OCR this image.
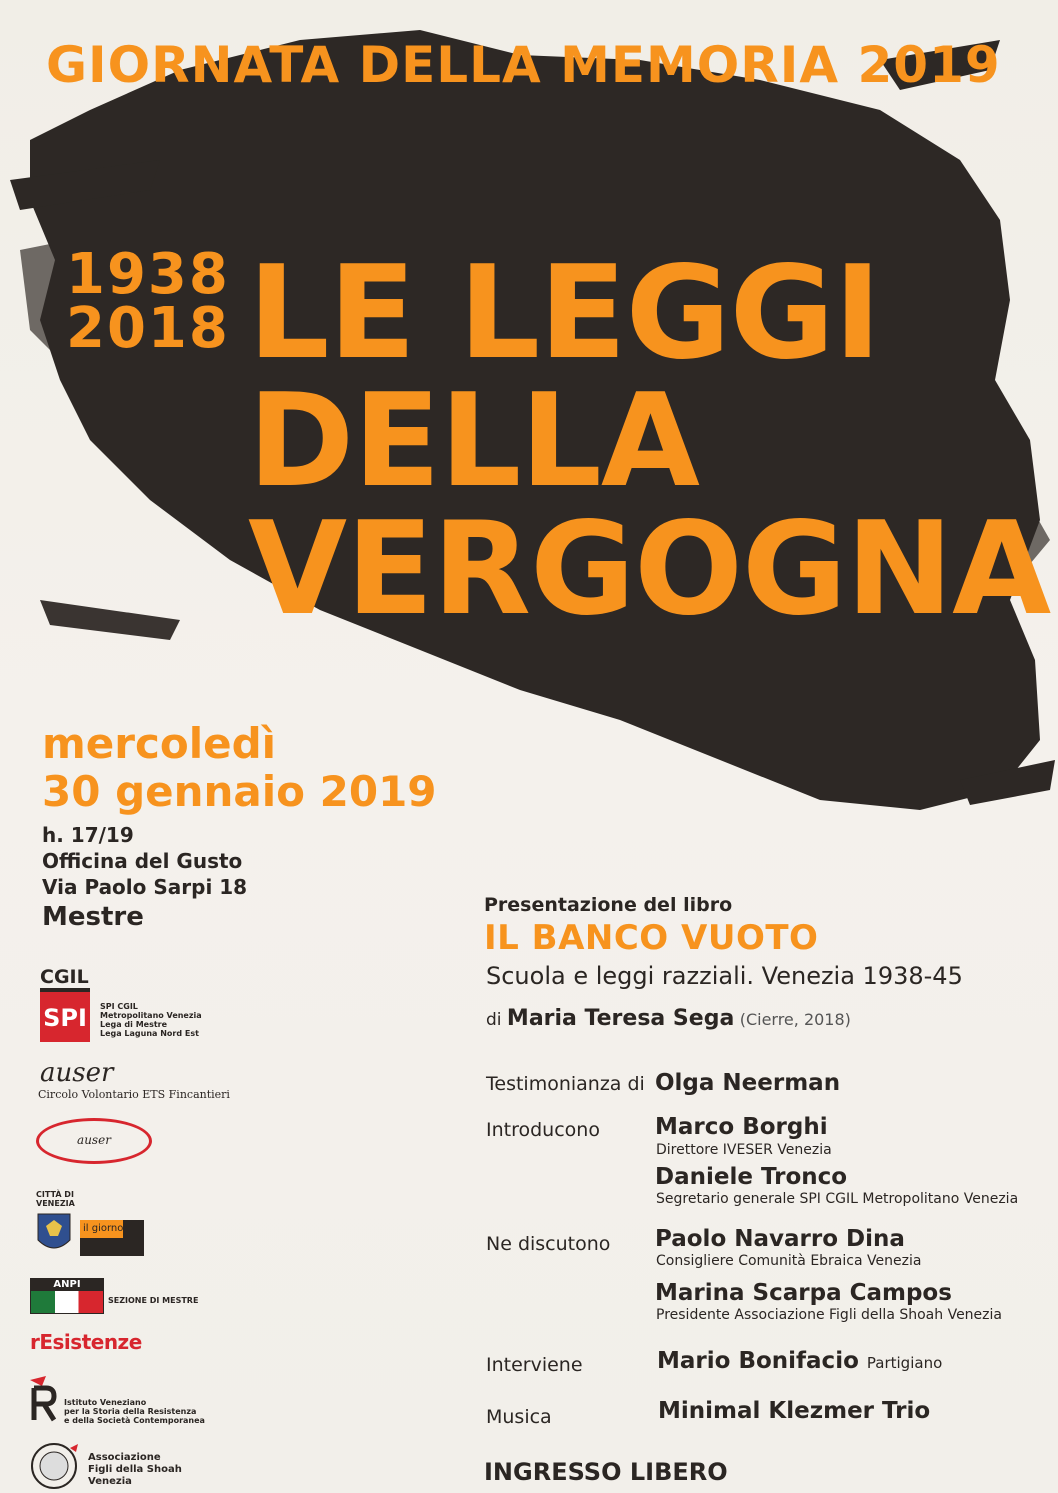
GIORNATA DELLA MEMORIA 2019
1938
2018 LE LEGGI
DELLA
VERGOGNA
mercoledì
30 gennaio 2019
h. 17/19
Officina del Gusto
Via Paolo Sarpi 18
Mestre	Presentazione del libro
IL BANCO VUOTO
Scuola e leggi razziali. Venezia 1938-45
di Maria Teresa Sega (Cierre, 2018)
Testimonianza di Olga Neerman
Introducono Marco Borghi
Direttore IVESER Venezia
Daniele Tronco
Segretario generale SPI CGIL Metropolitano Venezia
Ne discutono Paolo Navarro Dina
Consigliere Comunità Ebraica Venezia
Marina Scarpa Campos
Presidente Associazione Figli della Shoah Venezia
Interviene	Mario Bonifacio Partigiano
Musica	Minimal Klezmer Trio
INGRESSO LIBERO
CGIL
SPI	SPI CGIL
Metropolitano Venezia
Lega di Mestre
Lega Laguna Nord Est
auser
Circolo Volontario ETS Fincantieri
auser
CITTÀ DI VENEZIA
il giorno
ANPI
SEZIONE DI MESTRE
rEsistenze
Istituto Veneziano
per la Storia della Resistenza
e della Società Contemporanea
Associazione
Figli della Shoah
Venezia
